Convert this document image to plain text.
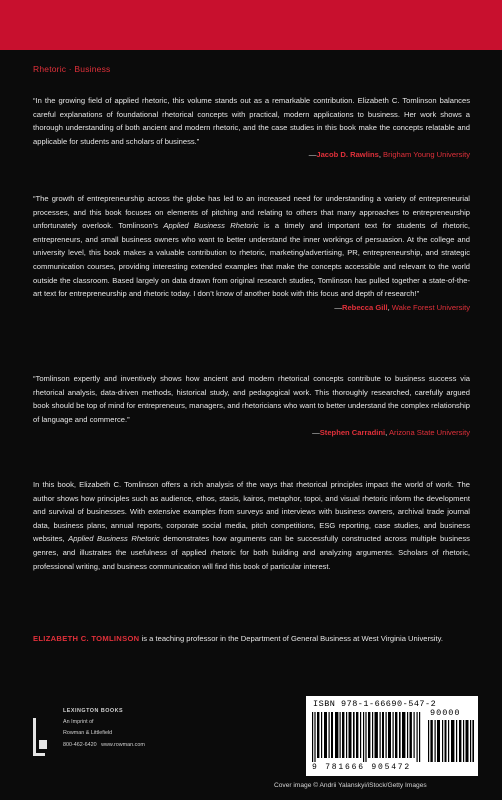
Rhetoric · Business
“In the growing field of applied rhetoric, this volume stands out as a remarkable contribution. Elizabeth C. Tomlinson balances careful explanations of foundational rhetorical concepts with practical, modern applications to business. Her work shows a thorough understanding of both ancient and modern rhetoric, and the case studies in this book make the concepts relatable and applicable for students and scholars of business.”
—Jacob D. Rawlins, Brigham Young University
“The growth of entrepreneurship across the globe has led to an increased need for understanding a variety of entrepreneurial processes, and this book focuses on elements of pitching and relating to others that many approaches to entrepreneurship unfortunately overlook. Tomlinson’s Applied Business Rhetoric is a timely and important text for students of rhetoric, entrepreneurs, and small business owners who want to better understand the inner workings of persuasion. At the college and university level, this book makes a valuable contribution to rhetoric, marketing/advertising, PR, entrepreneurship, and strategic communication courses, providing interesting extended examples that make the concepts accessible and relevant to the world outside the classroom. Based largely on data drawn from original research studies, Tomlinson has pulled together a state-of-the-art text for entrepreneurship and rhetoric today. I don’t know of another book with this focus and depth of research!”
—Rebecca Gill, Wake Forest University
“Tomlinson expertly and inventively shows how ancient and modern rhetorical concepts contribute to business success via rhetorical analysis, data-driven methods, historical study, and pedagogical work. This thoroughly researched, carefully argued book should be top of mind for entrepreneurs, managers, and rhetoricians who want to better understand the complex relationship of language and commerce.”
—Stephen Carradini, Arizona State University
In this book, Elizabeth C. Tomlinson offers a rich analysis of the ways that rhetorical principles impact the world of work. The author shows how principles such as audience, ethos, stasis, kairos, metaphor, topoi, and visual rhetoric inform the development and survival of businesses. With extensive examples from surveys and interviews with business owners, archival trade journal data, business plans, annual reports, corporate social media, pitch competitions, ESG reporting, case studies, and business websites, Applied Business Rhetoric demonstrates how arguments can be successfully constructed across multiple business genres, and illustrates the usefulness of applied rhetoric for both building and analyzing arguments. Scholars of rhetoric, professional writing, and business communication will find this book of particular interest.
ELIZABETH C. TOMLINSON is a teaching professor in the Department of General Business at West Virginia University.
LEXINGTON BOOKS
An Imprint of
Rowman & Littlefield
800-462-6420 www.rowman.com
ISBN 978-1-66690-547-2
90000
9 781666 905472
Cover image © Andrii Yalanskyi/iStock/Getty Images
